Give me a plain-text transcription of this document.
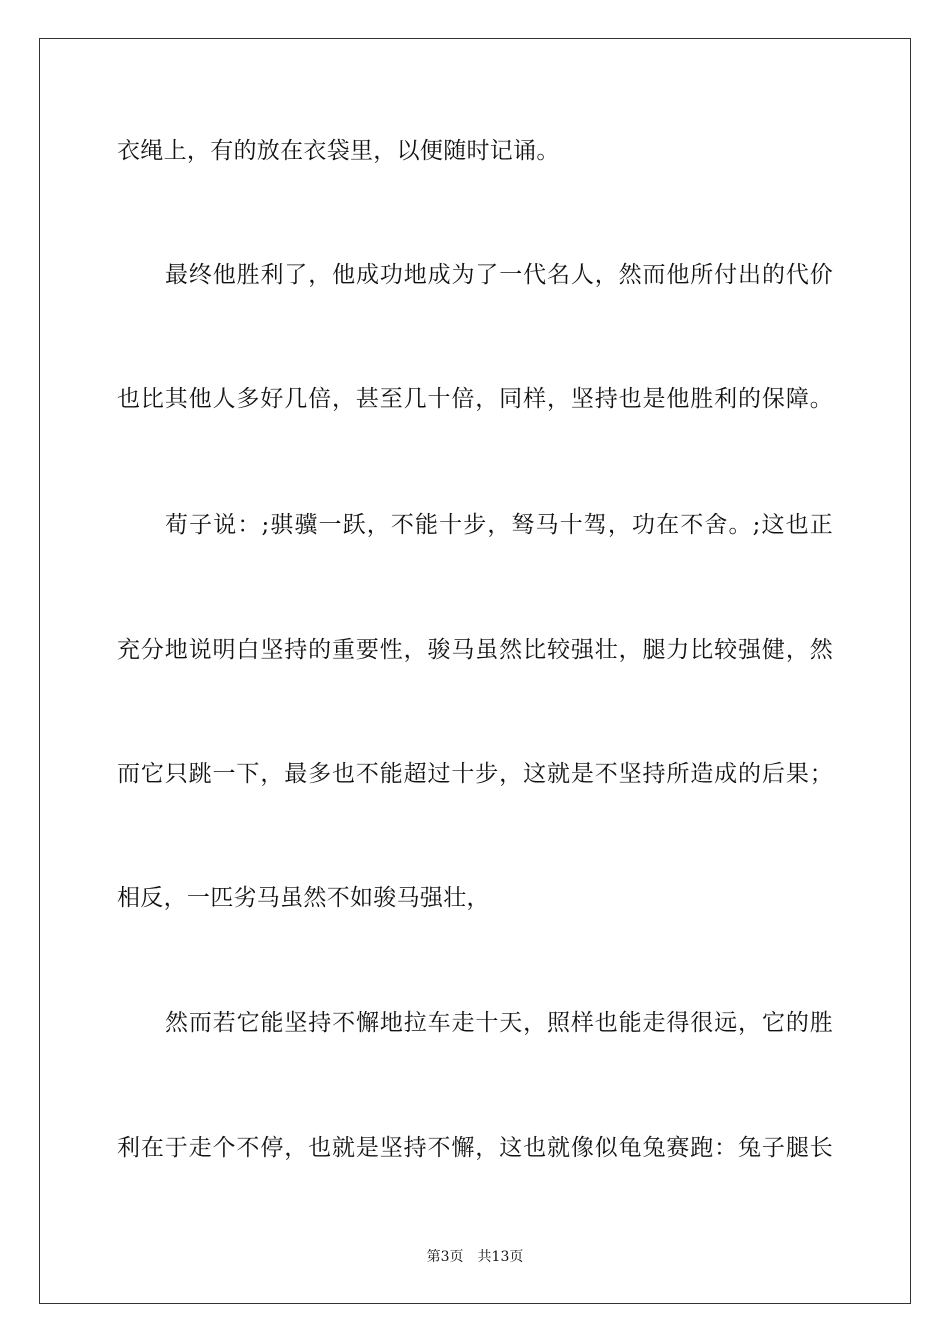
衣绳上，有的放在衣袋里，以便随时记诵。
最终他胜利了，他成功地成为了一代名人，然而他所付出的代价
也比其他人多好几倍，甚至几十倍，同样，坚持也是他胜利的保障。
荀子说：;骐骥一跃，不能十步，驽马十驾，功在不舍。;这也正
充分地说明白坚持的重要性，骏马虽然比较强壮，腿力比较强健，然
而它只跳一下，最多也不能超过十步，这就是不坚持所造成的后果；
相反，一匹劣马虽然不如骏马强壮，
然而若它能坚持不懈地拉车走十天，照样也能走得很远，它的胜
利在于走个不停，也就是坚持不懈，这也就像似龟兔赛跑：兔子腿长
第3页 共13页
